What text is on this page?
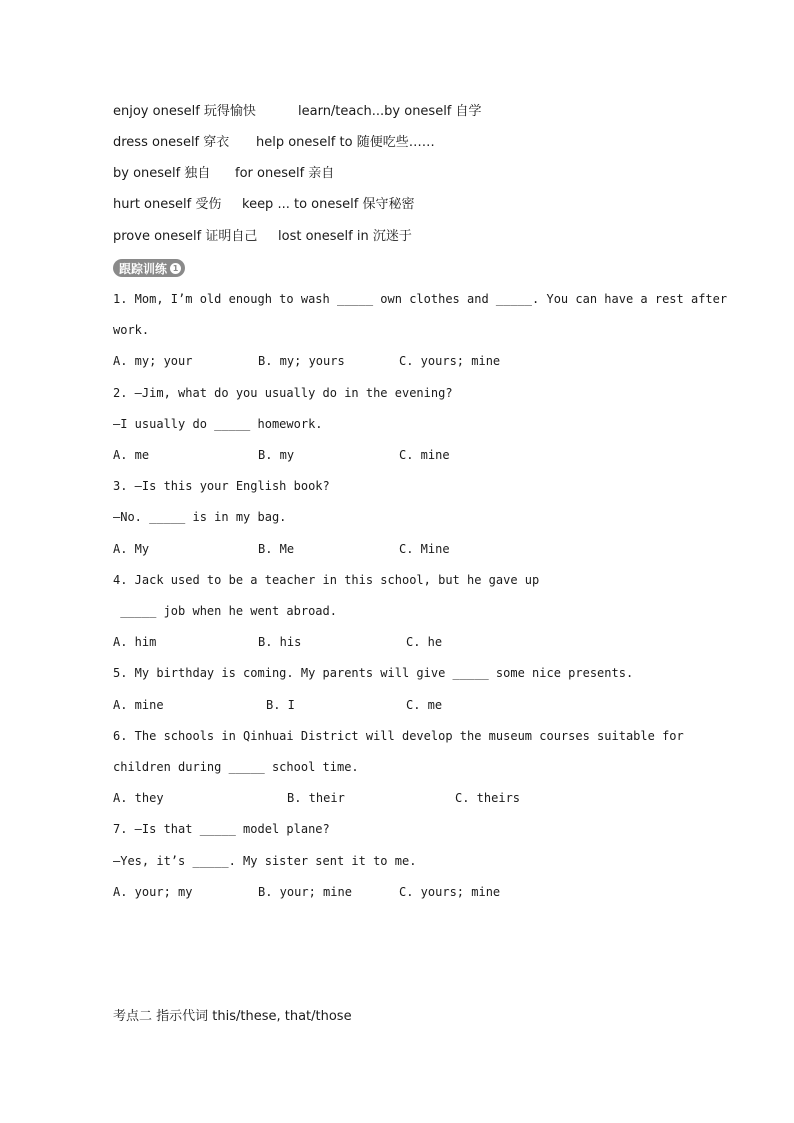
enjoy oneself 玩得愉快	learn/teach...by oneself 自学
dress oneself 穿衣 help oneself to 随便吃些……
by oneself 独自 for oneself 亲自
hurt oneself 受伤 keep ... to oneself 保守秘密
prove oneself 证明自己 lost oneself in 沉迷于
跟踪训练 1
1. Mom, I’m old enough to wash _____ own clothes and _____. You can have a rest after
work.
A. my; your	B. my; yours	C. yours; mine
2. —Jim, what do you usually do in the evening?
—I usually do _____ homework.
A. me	B. my	C. mine
3. —Is this your English book?
—No. _____ is in my bag.
A. My	B. Me	C. Mine
4. Jack used to be a teacher in this school, but he gave up
_____ job when he went abroad.
A. him	B. his	C. he
5. My birthday is coming. My parents will give _____ some nice presents.
A. mine	B. I	C. me
6. The schools in Qinhuai District will develop the museum courses suitable for
children during _____ school time.
A. they	B. their	C. theirs
7. —Is that _____ model plane?
—Yes, it’s _____. My sister sent it to me.
A. your; my	B. your; mine	C. yours; mine
考点二 指示代词 this/these, that/those
